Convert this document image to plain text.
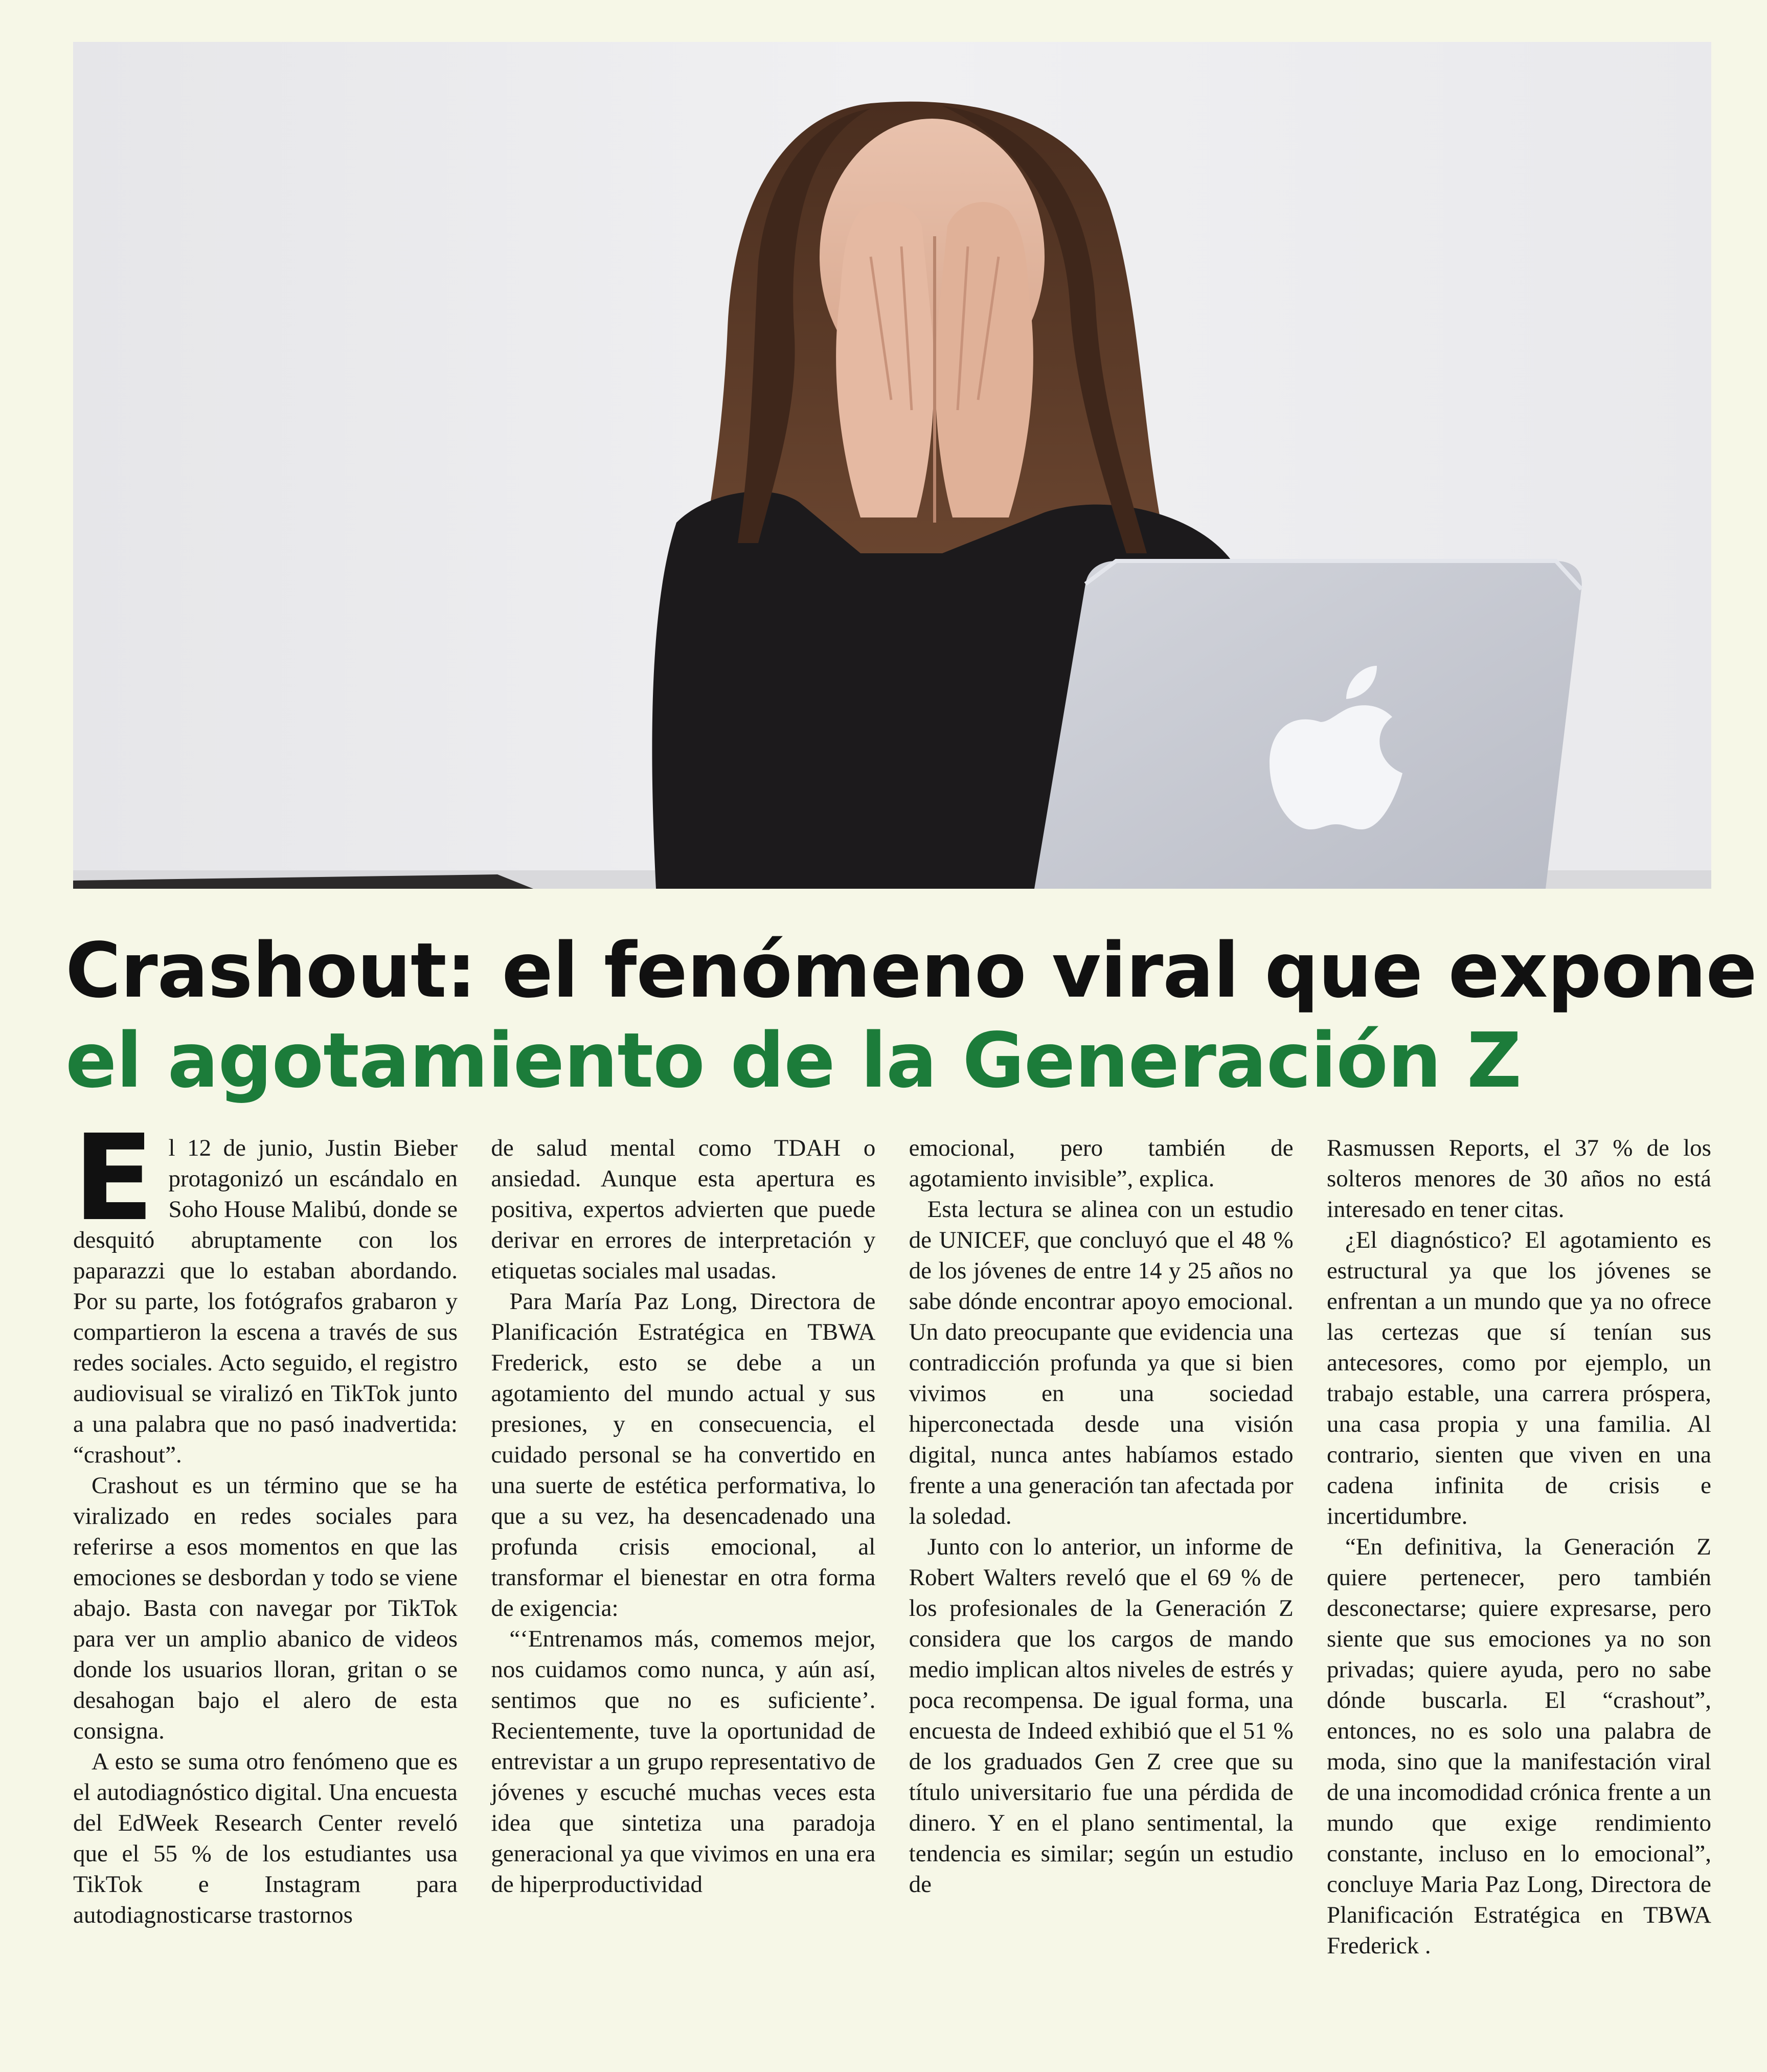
Crashout: el fenómeno viral que expone
el agotamiento de la Generación Z
E l 12 de junio, Justin Bieber protagonizó un escándalo en Soho House Malibú, donde se desquitó abruptamente con los paparazzi que lo estaban abordando. Por su parte, los fotógrafos grabaron y compartieron la escena a través de sus redes sociales. Acto seguido, el registro audiovisual se viralizó en TikTok junto a una palabra que no pasó inadvertida: “crashout”.

Crashout es un término que se ha viralizado en redes sociales para referirse a esos momentos en que las emociones se desbordan y todo se viene abajo. Basta con navegar por TikTok para ver un amplio abanico de videos donde los usuarios lloran, gritan o se desahogan bajo el alero de esta consigna.

A esto se suma otro fenómeno que es el autodiagnóstico digital. Una encuesta del EdWeek Research Center reveló que el 55 % de los estudiantes usa TikTok e Instagram para autodiagnosticarse trastornos

de salud mental como TDAH o ansiedad. Aunque esta apertura es positiva, expertos advierten que puede derivar en errores de interpretación y etiquetas sociales mal usadas.

Para María Paz Long, Directora de Planificación Estratégica en TBWA Frederick, esto se debe a un agotamiento del mundo actual y sus presiones, y en consecuencia, el cuidado personal se ha convertido en una suerte de estética performativa, lo que a su vez, ha desencadenado una profunda crisis emocional, al transformar el bienestar en otra forma de exigencia:

“‘Entrenamos más, comemos mejor, nos cuidamos como nunca, y aún así, sentimos que no es suficiente’. Recientemente, tuve la oportunidad de entrevistar a un grupo representativo de jóvenes y escuché muchas veces esta idea que sintetiza una paradoja generacional ya que vivimos en una era de hiperproductividad

emocional, pero también de agotamiento invisible”, explica.

Esta lectura se alinea con un estudio de UNICEF, que concluyó que el 48 % de los jóvenes de entre 14 y 25 años no sabe dónde encontrar apoyo emocional. Un dato preocupante que evidencia una contradicción profunda ya que si bien vivimos en una sociedad hiperconectada desde una visión digital, nunca antes habíamos estado frente a una generación tan afectada por la soledad.

Junto con lo anterior, un informe de Robert Walters reveló que el 69 % de los profesionales de la Generación Z considera que los cargos de mando medio implican altos niveles de estrés y poca recompensa. De igual forma, una encuesta de Indeed exhibió que el 51 % de los graduados Gen Z cree que su título universitario fue una pérdida de dinero. Y en el plano sentimental, la tendencia es similar; según un estudio de

Rasmussen Reports, el 37 % de los solteros menores de 30 años no está interesado en tener citas.

¿El diagnóstico? El agotamiento es estructural ya que los jóvenes se enfrentan a un mundo que ya no ofrece las certezas que sí tenían sus antecesores, como por ejemplo, un trabajo estable, una carrera próspera, una casa propia y una familia. Al contrario, sienten que viven en una cadena infinita de crisis e incertidumbre.

“En definitiva, la Generación Z quiere pertenecer, pero también desconectarse; quiere expresarse, pero siente que sus emociones ya no son privadas; quiere ayuda, pero no sabe dónde buscarla. El “crashout”, entonces, no es solo una palabra de moda, sino que la manifestación viral de una incomodidad crónica frente a un mundo que exige rendimiento constante, incluso en lo emocional”, concluye Maria Paz Long, Directora de Planificación Estratégica en TBWA Frederick .
